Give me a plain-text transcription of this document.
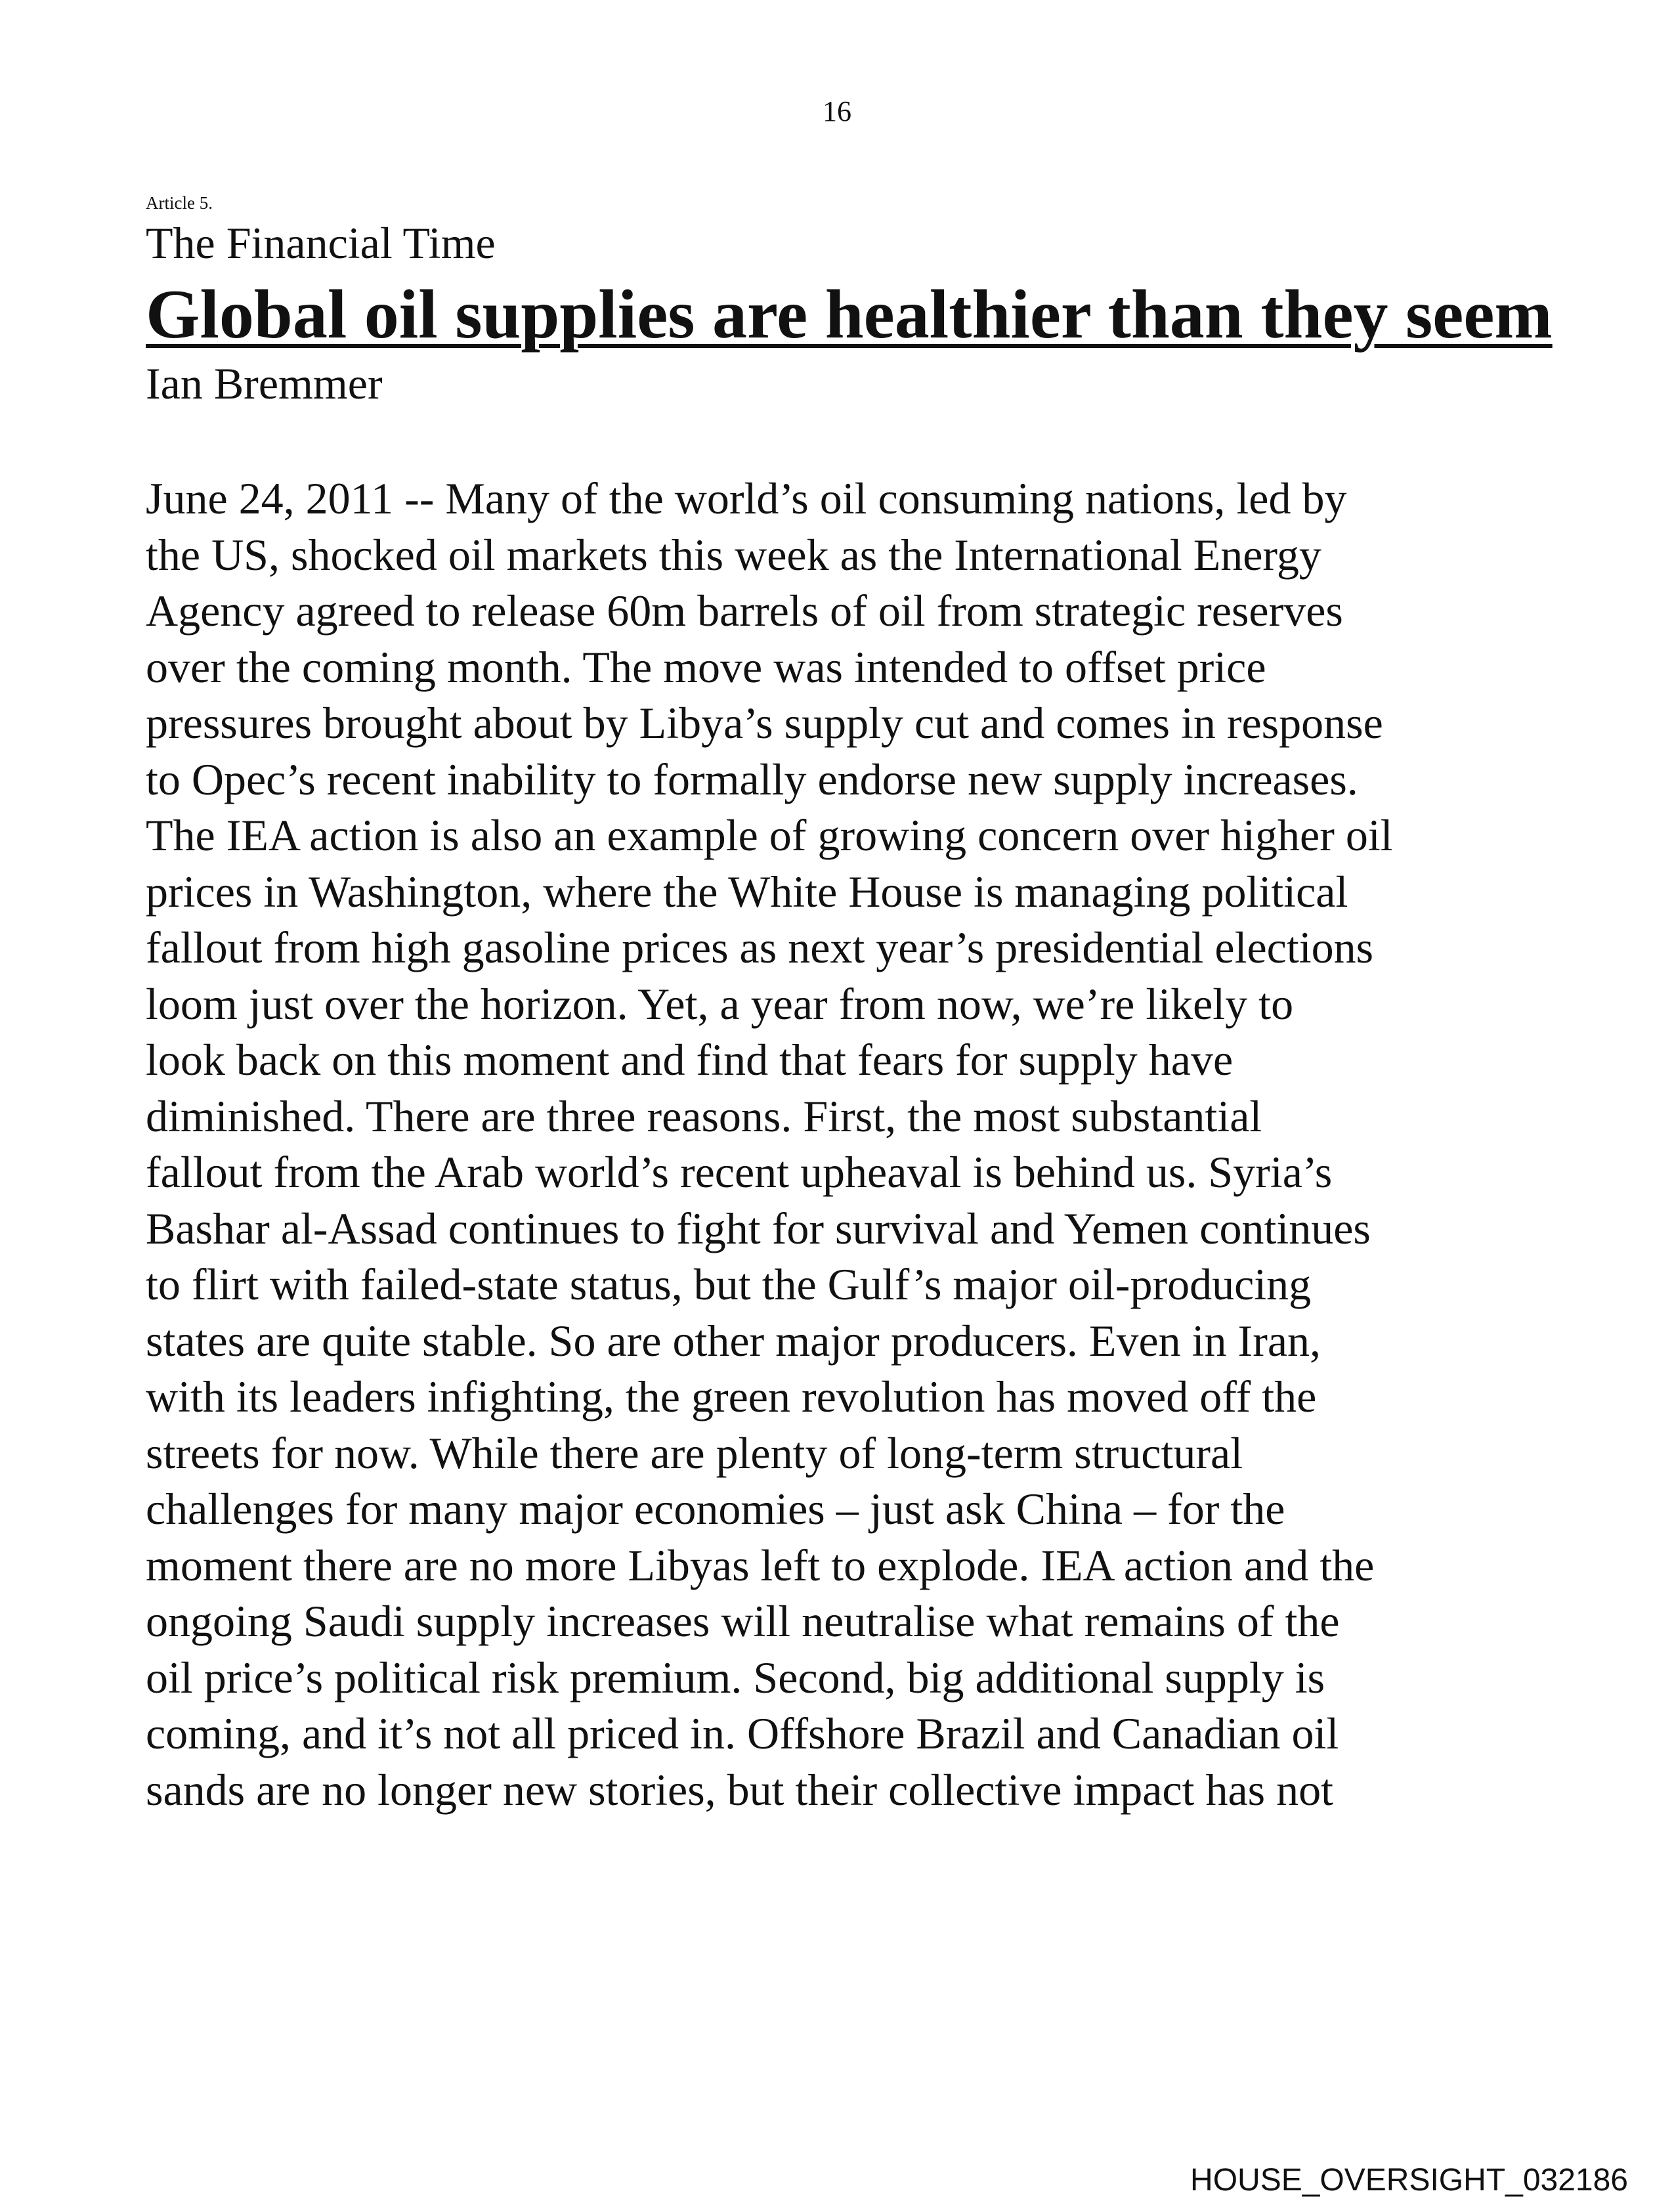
16
Article 5.
The Financial Time
Global oil supplies are healthier than they seem
Ian Bremmer
June 24, 2011 -- Many of the world’s oil consuming nations, led by
the US, shocked oil markets this week as the International Energy
Agency agreed to release 60m barrels of oil from strategic reserves
over the coming month. The move was intended to offset price
pressures brought about by Libya’s supply cut and comes in response
to Opec’s recent inability to formally endorse new supply increases.
The IEA action is also an example of growing concern over higher oil
prices in Washington, where the White House is managing political
fallout from high gasoline prices as next year’s presidential elections
loom just over the horizon. Yet, a year from now, we’re likely to
look back on this moment and find that fears for supply have
diminished. There are three reasons. First, the most substantial
fallout from the Arab world’s recent upheaval is behind us. Syria’s
Bashar al-Assad continues to fight for survival and Yemen continues
to flirt with failed-state status, but the Gulf’s major oil-producing
states are quite stable. So are other major producers. Even in Iran,
with its leaders infighting, the green revolution has moved off the
streets for now. While there are plenty of long-term structural
challenges for many major economies – just ask China – for the
moment there are no more Libyas left to explode. IEA action and the
ongoing Saudi supply increases will neutralise what remains of the
oil price’s political risk premium. Second, big additional supply is
coming, and it’s not all priced in. Offshore Brazil and Canadian oil
sands are no longer new stories, but their collective impact has not
HOUSE_OVERSIGHT_032186
